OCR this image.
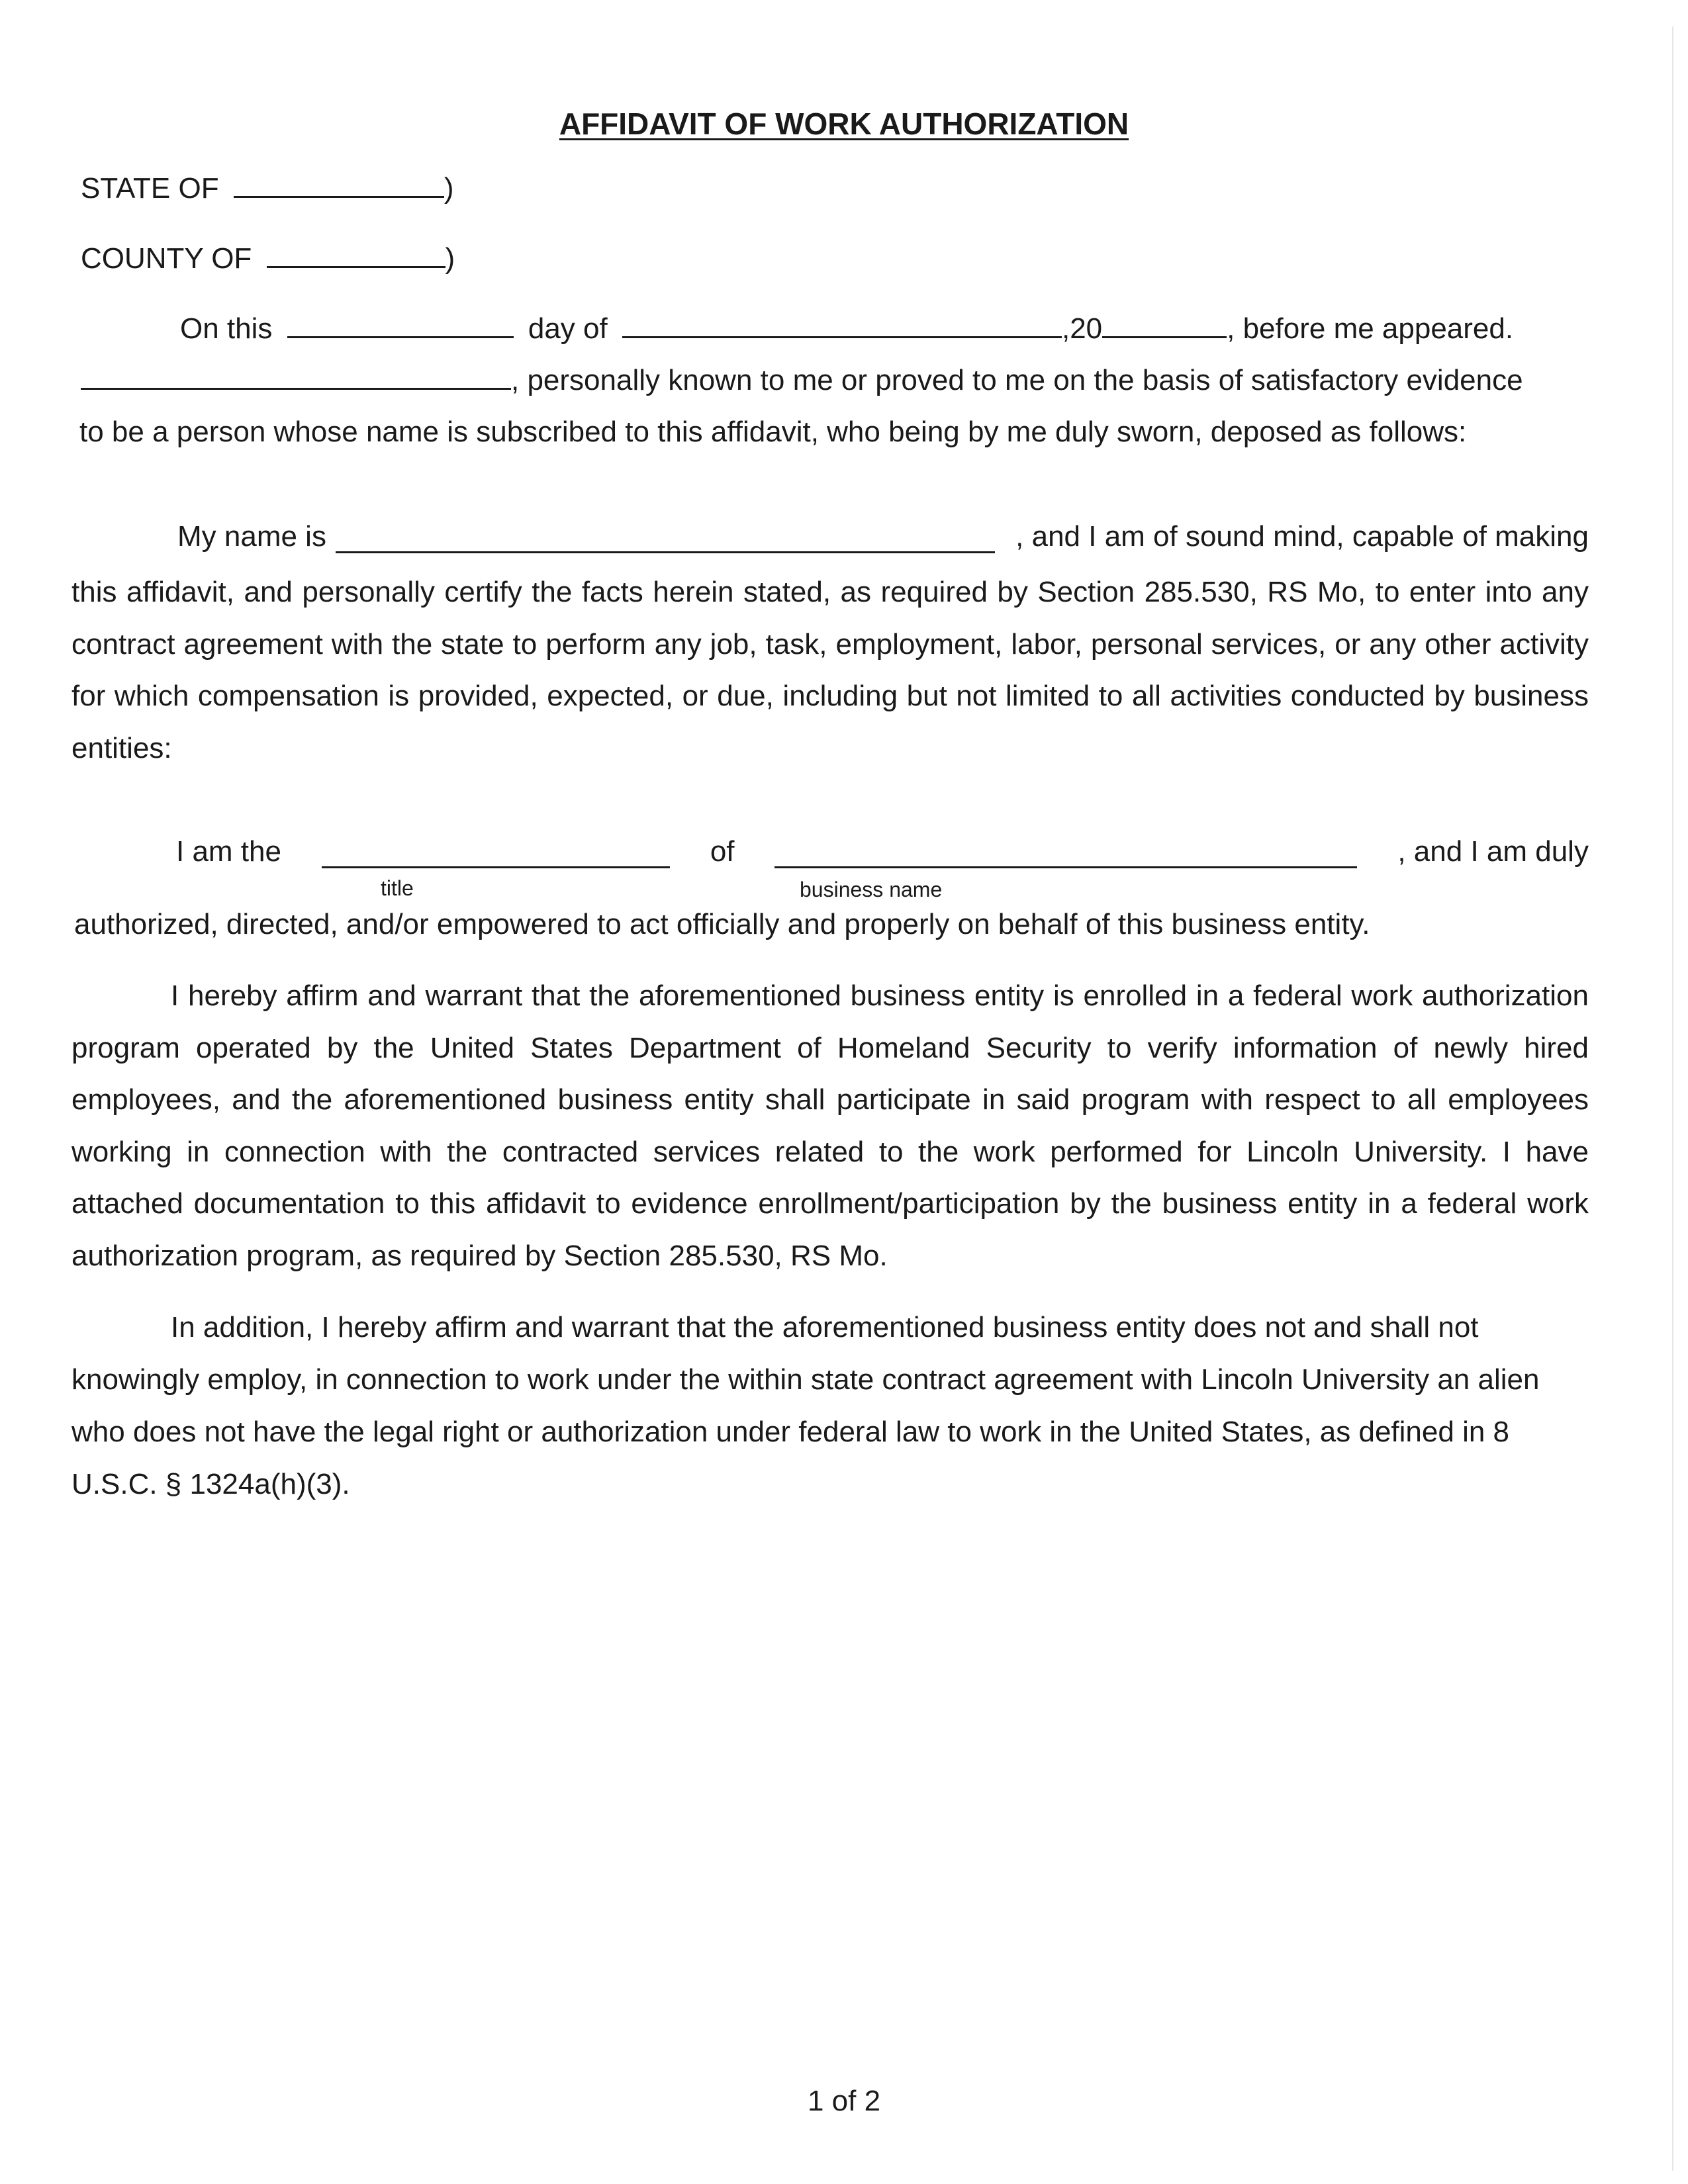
AFFIDAVIT OF WORK AUTHORIZATION
STATE OF	)
COUNTY OF	)
On this	day of	,20	, before me appeared.
, personally known to me or proved to me on the basis of satisfactory evidence
to be a person whose name is subscribed to this affidavit, who being by me duly sworn, deposed as follows:
My name is	, and I am of sound mind, capable of making
this affidavit, and personally certify the facts herein stated, as required by Section 285.530, RS Mo, to enter into any contract agreement with the state to perform any job, task, employment, labor, personal services, or any other activity for which compensation is provided, expected, or due, including but not limited to all activities conducted by business entities:
I am the	of	, and I am duly
title	business name
authorized, directed, and/or empowered to act officially and properly on behalf of this business entity.
I hereby affirm and warrant that the aforementioned business entity is enrolled in a federal work authorization program operated by the United States Department of Homeland Security to verify information of newly hired employees, and the aforementioned business entity shall participate in said program with respect to all employees working in connection with the contracted services related to the work performed for Lincoln University. I have attached documentation to this affidavit to evidence enrollment/participation by the business entity in a federal work authorization program, as required by Section 285.530, RS Mo.
In addition, I hereby affirm and warrant that the aforementioned business entity does not and shall not knowingly employ, in connection to work under the within state contract agreement with Lincoln University an alien who does not have the legal right or authorization under federal law to work in the United States, as defined in 8 U.S.C. § 1324a(h)(3).
1 of 2
